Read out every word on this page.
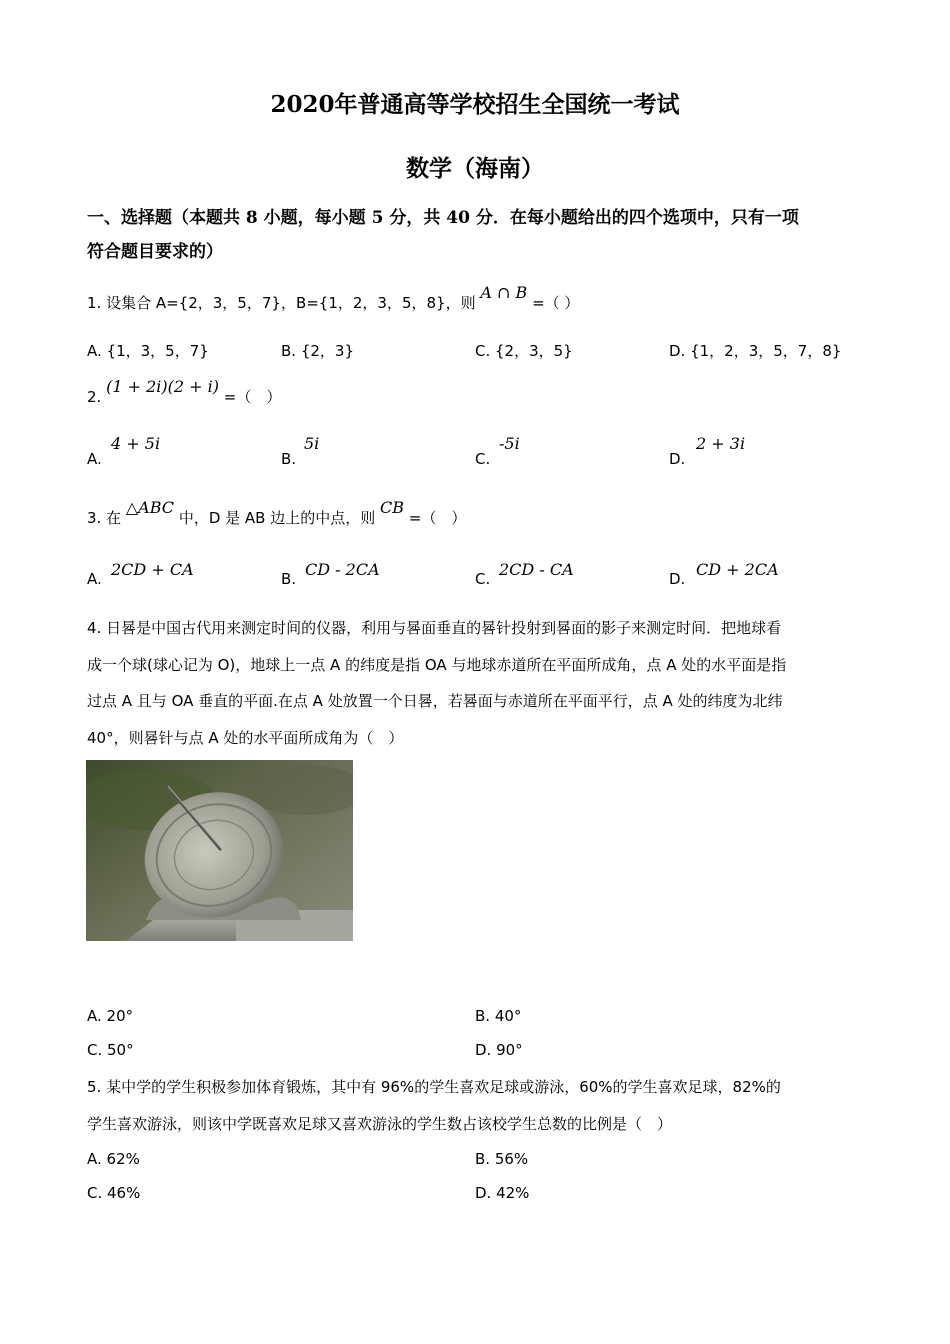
2020年普通高等学校招生全国统一考试
数学（海南）
一、选择题（本题共 8 小题，每小题 5 分，共 40 分．在每小题给出的四个选项中，只有一项
符合题目要求的）
1. 设集合 A={2，3，5，7}，B={1，2，3，5，8}，则 A ∩ B =（ ）
A. {1，3，5，7}	B. {2，3}	C. {2，3，5}	D. {1，2，3，5，7，8}
2. (1 + 2i)(2 + i) =（　）
A.
4 + 5i
B.
5i
C.
-5i
D.
2 + 3i
3. 在 △ABC 中，D 是 AB 边上的中点，则 CB =（　）
A. 2CD + CA	B. CD - 2CA	C. 2CD - CA	D. CD + 2CA
4. 日晷是中国古代用来测定时间的仪器，利用与晷面垂直的晷针投射到晷面的影子来测定时间．把地球看
成一个球(球心记为 O)，地球上一点 A 的纬度是指 OA 与地球赤道所在平面所成角，点 A 处的水平面是指
过点 A 且与 OA 垂直的平面.在点 A 处放置一个日晷，若晷面与赤道所在平面平行，点 A 处的纬度为北纬
40°，则晷针与点 A 处的水平面所成角为（　）
A. 20°	B. 40°
C. 50°	D. 90°
5. 某中学的学生积极参加体育锻炼，其中有 96%的学生喜欢足球或游泳，60%的学生喜欢足球，82%的
学生喜欢游泳，则该中学既喜欢足球又喜欢游泳的学生数占该校学生总数的比例是（　）
A. 62%	B. 56%
C. 46%	D. 42%
